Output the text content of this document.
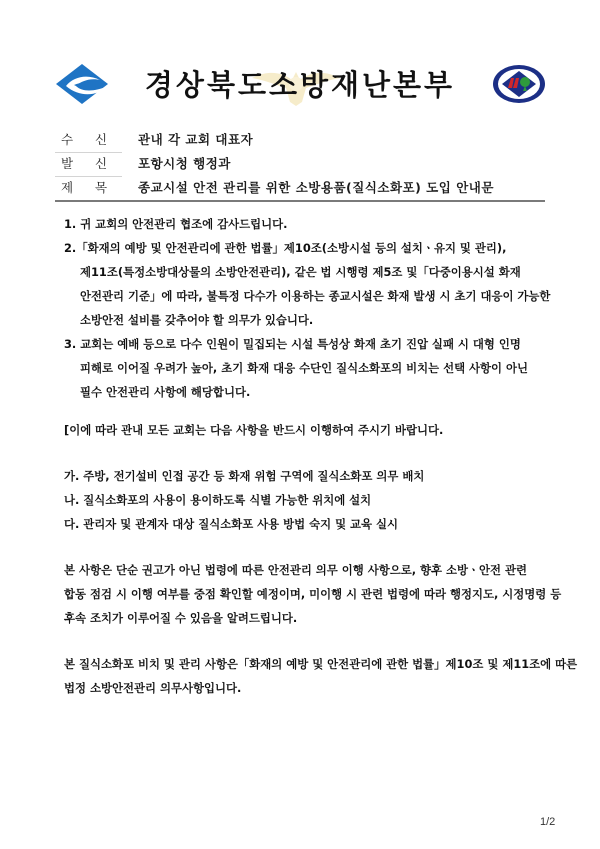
경상북도소방재난본부
수 신	관내 각 교회 대표자
발 신	포항시청 행정과
제 목	종교시설 안전 관리를 위한 소방용품(질식소화포) 도입 안내문
1. 귀 교회의 안전관리 협조에 감사드립니다.
2.「화재의 예방 및 안전관리에 관한 법률」제10조(소방시설 등의 설치ㆍ유지 및 관리),
제11조(특정소방대상물의 소방안전관리), 같은 법 시행령 제5조 및「다중이용시설 화재
안전관리 기준」에 따라, 불특정 다수가 이용하는 종교시설은 화재 발생 시 초기 대응이 가능한
소방안전 설비를 갖추어야 할 의무가 있습니다.
3. 교회는 예배 등으로 다수 인원이 밀집되는 시설 특성상 화재 초기 진압 실패 시 대형 인명
피해로 이어질 우려가 높아, 초기 화재 대응 수단인 질식소화포의 비치는 선택 사항이 아닌
필수 안전관리 사항에 해당합니다.
[이에 따라 관내 모든 교회는 다음 사항을 반드시 이행하여 주시기 바랍니다.
가. 주방, 전기설비 인접 공간 등 화재 위험 구역에 질식소화포 의무 배치
나. 질식소화포의 사용이 용이하도록 식별 가능한 위치에 설치
다. 관리자 및 관계자 대상 질식소화포 사용 방법 숙지 및 교육 실시
본 사항은 단순 권고가 아닌 법령에 따른 안전관리 의무 이행 사항으로, 향후 소방ㆍ안전 관련
합동 점검 시 이행 여부를 중점 확인할 예정이며, 미이행 시 관련 법령에 따라 행정지도, 시정명령 등
후속 조치가 이루어질 수 있음을 알려드립니다.
본 질식소화포 비치 및 관리 사항은「화재의 예방 및 안전관리에 관한 법률」제10조 및 제11조에 따른
법정 소방안전관리 의무사항입니다.
1/2
